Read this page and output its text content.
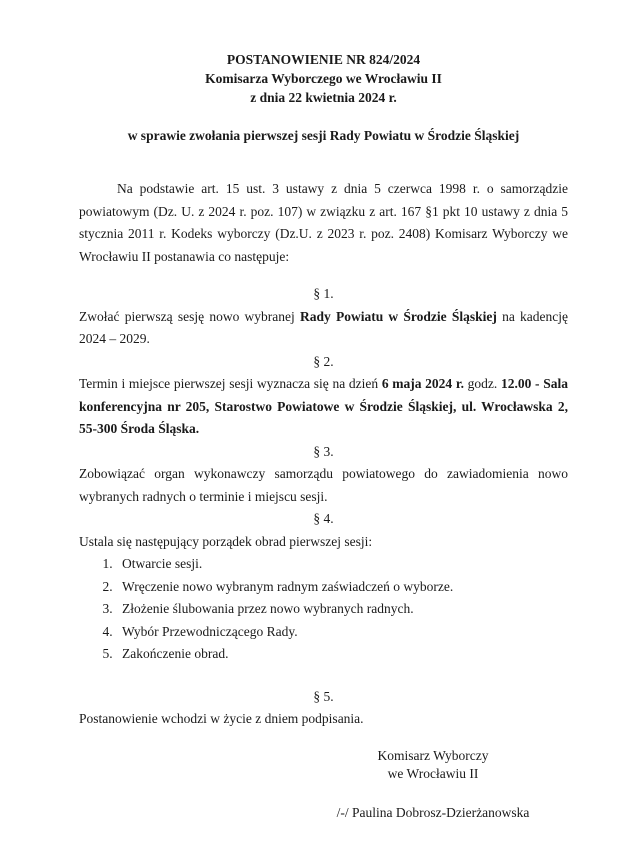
POSTANOWIENIE NR 824/2024
Komisarza Wyborczego we Wrocławiu II
z dnia 22 kwietnia 2024 r.
w sprawie zwołania pierwszej sesji Rady Powiatu w Środzie Śląskiej

Na podstawie art. 15 ust. 3 ustawy z dnia 5 czerwca 1998 r. o samorządzie powiatowym (Dz. U. z 2024 r. poz. 107) w związku z art. 167 §1 pkt 10 ustawy z dnia 5 stycznia 2011 r. Kodeks wyborczy (Dz.U. z 2023 r. poz. 2408) Komisarz Wyborczy we Wrocławiu II postanawia co następuje:

§ 1.

Zwołać pierwszą sesję nowo wybranej Rady Powiatu w Środzie Śląskiej na kadencję 2024 – 2029.

§ 2.

Termin i miejsce pierwszej sesji wyznacza się na dzień 6 maja 2024 r. godz. 12.00 - Sala konferencyjna nr 205, Starostwo Powiatowe w Środzie Śląskiej, ul. Wrocławska 2, 55-300 Środa Śląska.

§ 3.

Zobowiązać organ wykonawczy samorządu powiatowego do zawiadomienia nowo wybranych radnych o terminie i miejscu sesji.

§ 4.

Ustala się następujący porządek obrad pierwszej sesji:

1. Otwarcie sesji.
2. Wręczenie nowo wybranym radnym zaświadczeń o wyborze.
3. Złożenie ślubowania przez nowo wybranych radnych.
4. Wybór Przewodniczącego Rady.
5. Zakończenie obrad.
§ 5.

Postanowienie wchodzi w życie z dniem podpisania.

Komisarz Wyborczy
we Wrocławiu II
/-/ Paulina Dobrosz-Dzierżanowska
